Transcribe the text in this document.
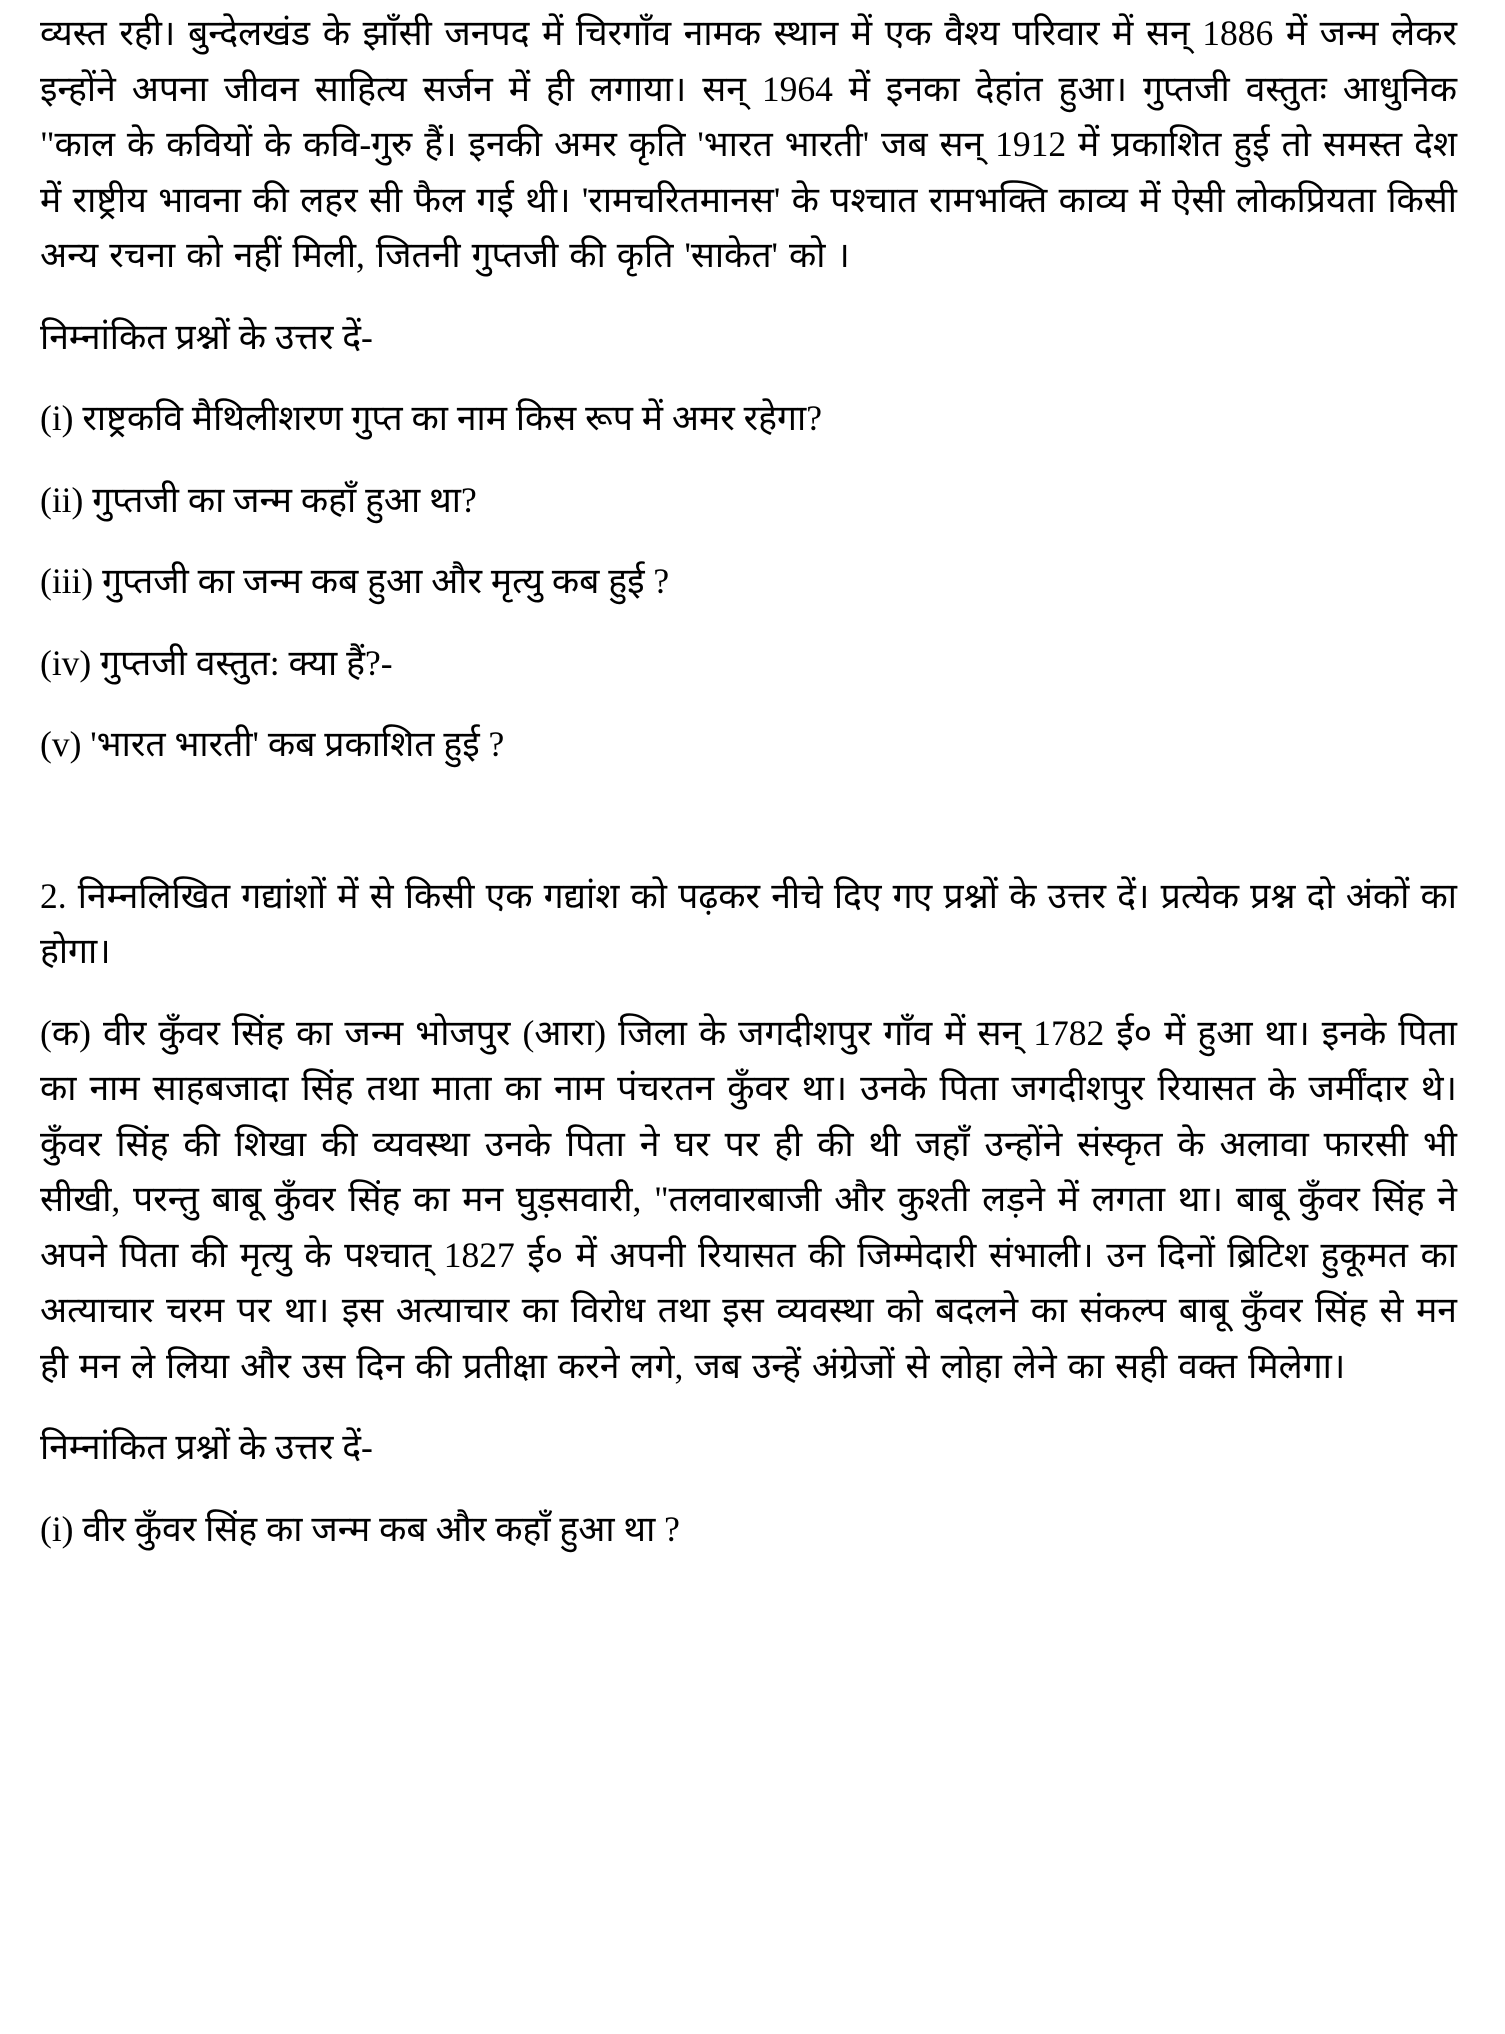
व्यस्त रही। बुन्देलखंड के झाँसी जनपद में चिरगाँव नामक स्थान में एक वैश्य परिवार में सन् 1886 में जन्म लेकर इन्होंने अपना जीवन साहित्य सर्जन में ही लगाया। सन् 1964 में इनका देहांत हुआ। गुप्तजी वस्तुतः आधुनिक "काल के कवियों के कवि-गुरु हैं। इनकी अमर कृति 'भारत भारती' जब सन् 1912 में प्रकाशित हुई तो समस्त देश में राष्ट्रीय भावना की लहर सी फैल गई थी। 'रामचरितमानस' के पश्चात रामभक्ति काव्य में ऐसी लोकप्रियता किसी अन्य रचना को नहीं मिली, जितनी गुप्तजी की कृति 'साकेत' को ।

निम्नांकित प्रश्नों के उत्तर दें-

(i) राष्ट्रकवि मैथिलीशरण गुप्त का नाम किस रूप में अमर रहेगा?
(ii) गुप्तजी का जन्म कहाँ हुआ था?
(iii) गुप्तजी का जन्म कब हुआ और मृत्यु कब हुई ?
(iv) गुप्तजी वस्तुत: क्या हैं?-
(v) 'भारत भारती' कब प्रकाशित हुई ?

2. निम्नलिखित गद्यांशों में से किसी एक गद्यांश को पढ़कर नीचे दिए गए प्रश्नों के उत्तर दें। प्रत्येक प्रश्न दो अंकों का होगा।

(क) वीर कुँवर सिंह का जन्म भोजपुर (आरा) जिला के जगदीशपुर गाँव में सन् 1782 ई० में हुआ था। इनके पिता का नाम साहबजादा सिंह तथा माता का नाम पंचरतन कुँवर था। उनके पिता जगदीशपुर रियासत के जर्मींदार थे। कुँवर सिंह की शिखा की व्यवस्था उनके पिता ने घर पर ही की थी जहाँ उन्होंने संस्कृत के अलावा फारसी भी सीखी, परन्तु बाबू कुँवर सिंह का मन घुड़सवारी, "तलवारबाजी और कुश्ती लड़ने में लगता था। बाबू कुँवर सिंह ने अपने पिता की मृत्यु के पश्चात् 1827 ई० में अपनी रियासत की जिम्मेदारी संभाली। उन दिनों ब्रिटिश हुकूमत का अत्याचार चरम पर था। इस अत्याचार का विरोध तथा इस व्यवस्था को बदलने का संकल्प बाबू कुँवर सिंह से मन ही मन ले लिया और उस दिन की प्रतीक्षा करने लगे, जब उन्हें अंग्रेजों से लोहा लेने का सही वक्त मिलेगा।

निम्नांकित प्रश्नों के उत्तर दें-

(i) वीर कुँवर सिंह का जन्म कब और कहाँ हुआ था ?
